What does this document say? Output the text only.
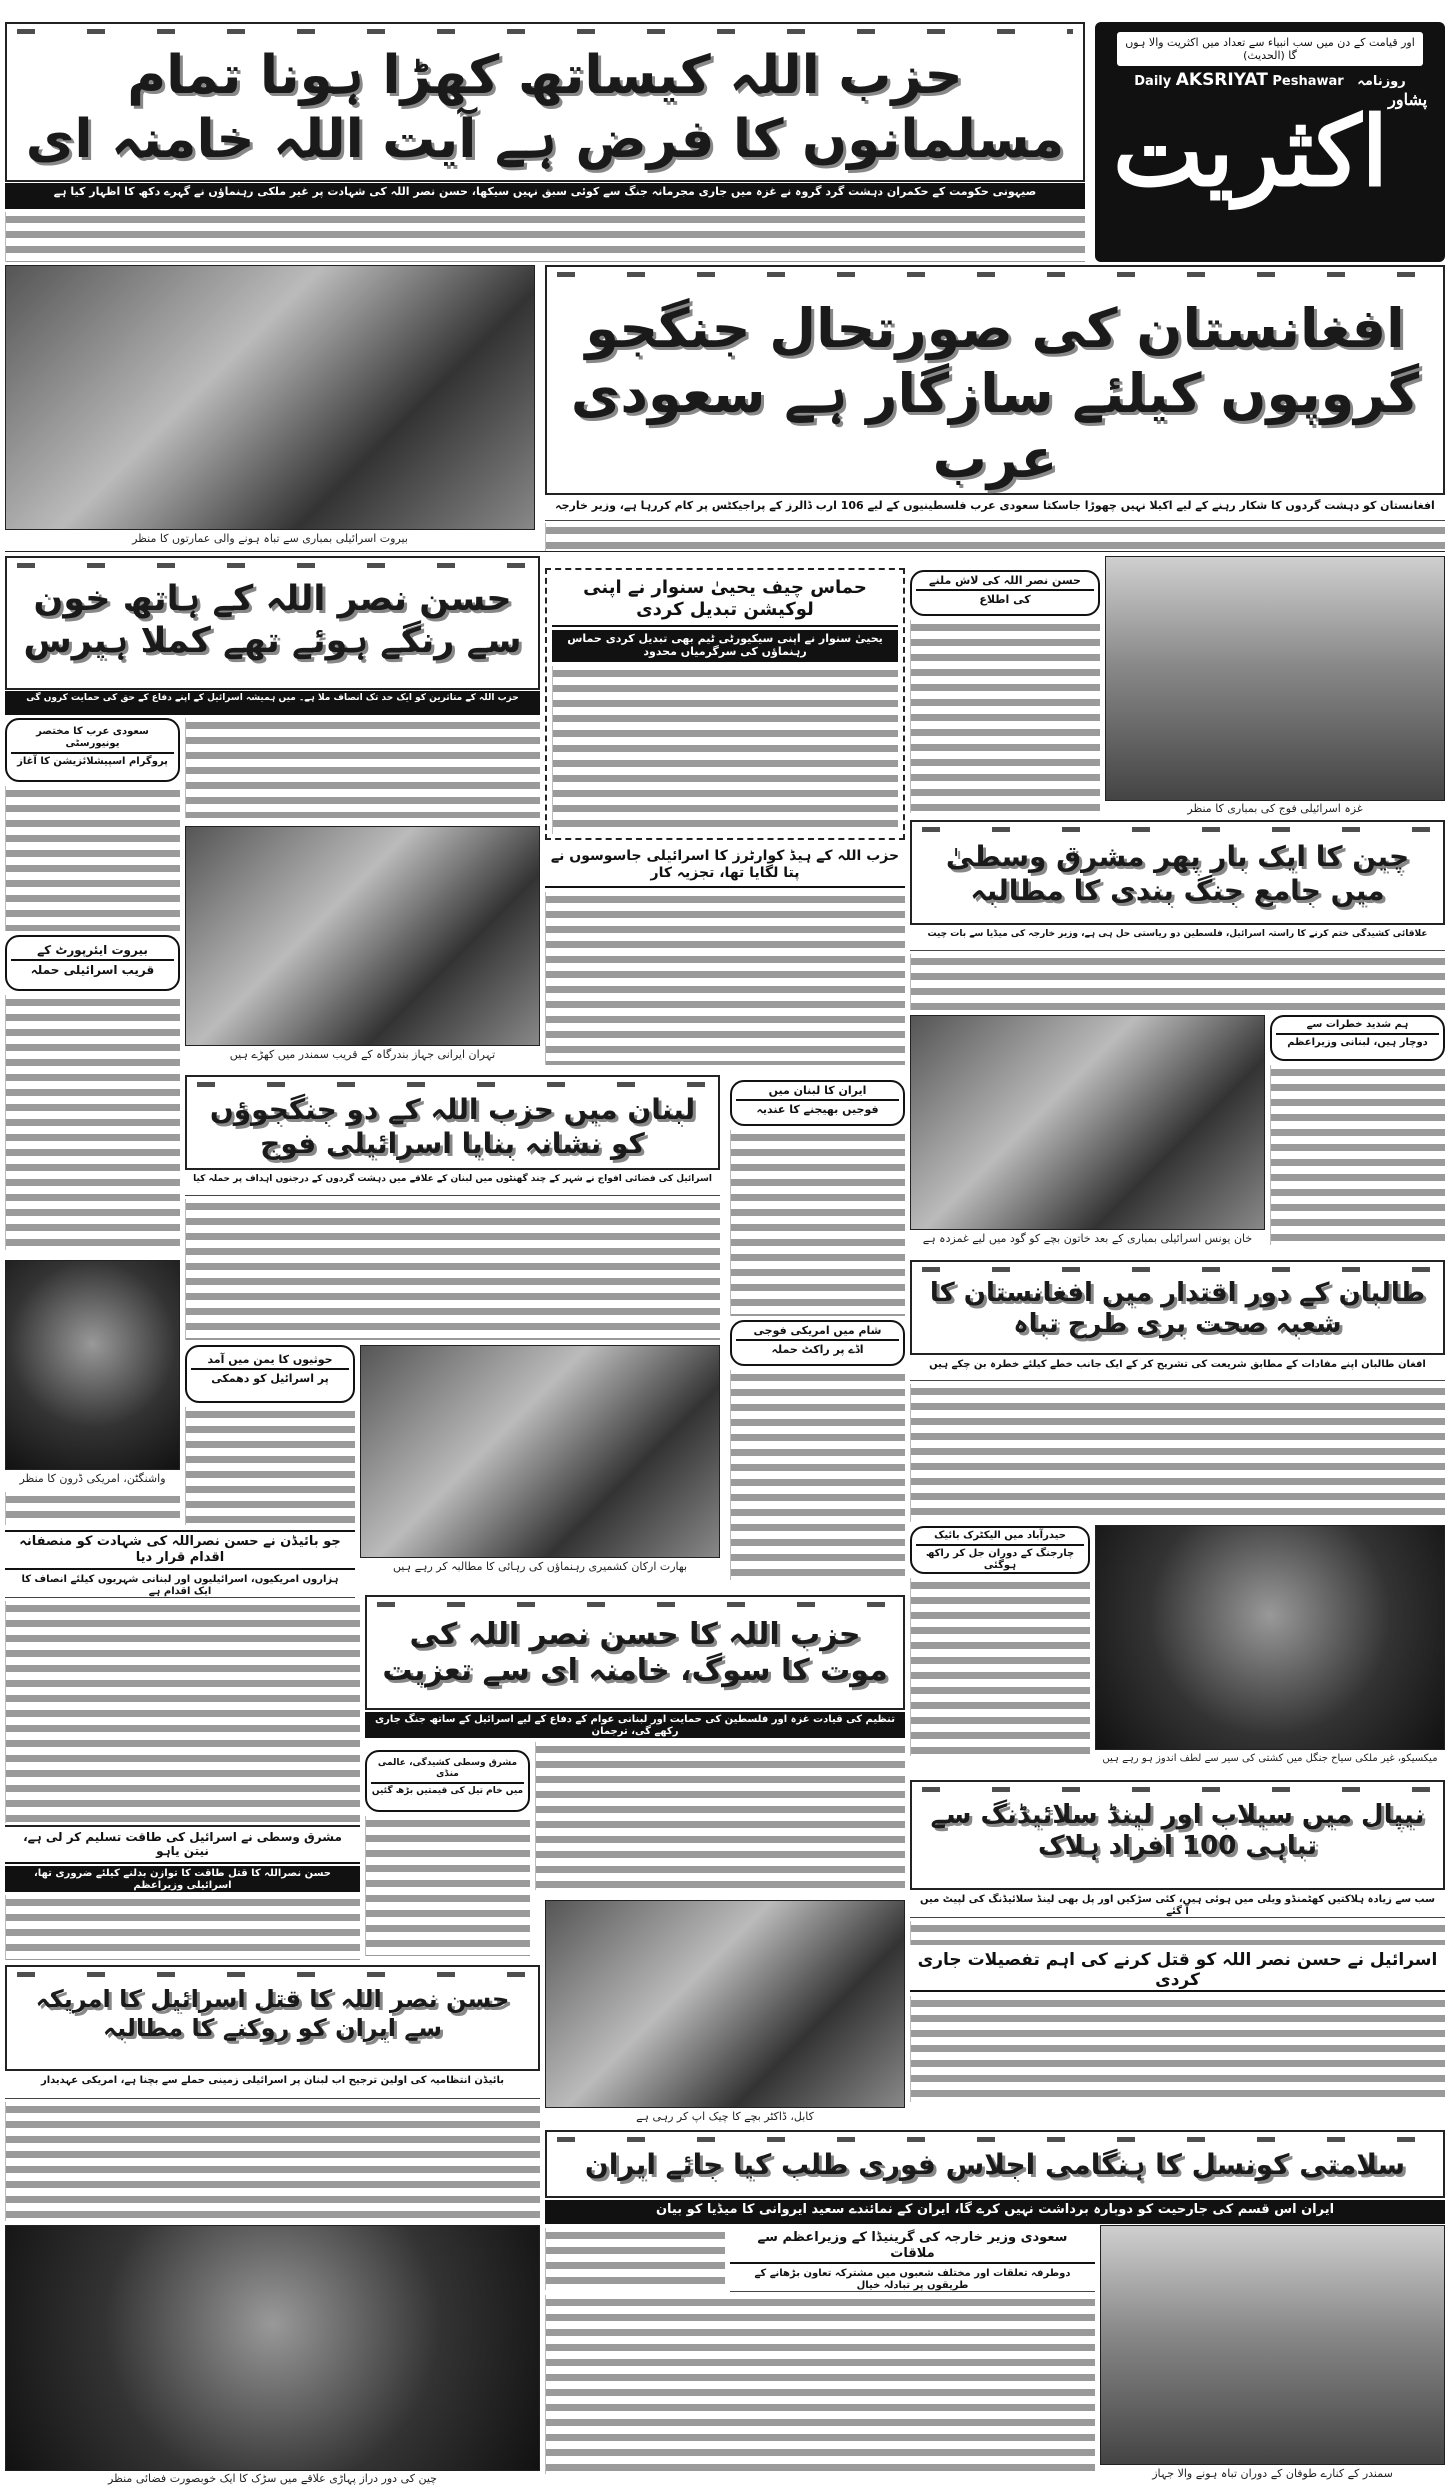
اور قیامت کے دن میں سب انبیاء سے تعداد میں اکثریت والا ہوں گا (الحدیث)
Daily AKSRIYAT Peshawar روزنامہ
$^{پشاور}$اکثریت
حزب اللہ کیساتھ کھڑا ہونا تمام مسلمانوں کا فرض ہے آیت اللہ خامنہ ای
صیہونی حکومت کے حکمران دہشت گرد گروہ نے غزہ میں جاری مجرمانہ جنگ سے کوئی سبق نہیں سیکھا، حسن نصر اللہ کی شہادت پر غیر ملکی رہنماؤں نے گہرے دکھ کا اظہار کیا ہے
بیروت اسرائیلی بمباری سے تباہ ہونے والی عمارتوں کا منظر
افغانستان کی صورتحال جنگجو گروپوں کیلئے سازگار ہے سعودی عرب
افغانستان کو دہشت گردوں کا شکار رہنے کے لیے اکیلا نہیں چھوڑا جاسکتا سعودی عرب فلسطینیوں کے لیے 106 ارب ڈالرز کے پراجیکٹس پر کام کررہا ہے، وزیر خارجہ
حسن نصر اللہ کے ہاتھ خون سے رنگے ہوئے تھے کملا ہیرس
حزب اللہ کے متاثرین کو ایک حد تک انصاف ملا ہے۔ میں ہمیشہ اسرائیل کے اپنے دفاع کے حق کی حمایت کروں گی
سعودی عرب کا مختصر یونیورسٹی
پروگرام اسپیشلائزیشن کا آغاز
بیروت ایئرپورٹ کے
قریب اسرائیلی حملہ
حماس چیف یحییٰ سنوار نے اپنی لوکیشن تبدیل کردی
یحییٰ سنوار نے اپنی سیکیورٹی ٹیم بھی تبدیل کردی حماس رہنماؤں کی سرگرمیاں محدود
حسن نصر اللہ کی لاش ملنے
کی اطلاع
غزہ اسرائیلی فوج کی بمباری کا منظر
چین کا ایک بار پھر مشرق وسطیٰ میں جامع جنگ بندی کا مطالبہ
علاقائی کشیدگی ختم کرنے کا راستہ اسرائیل، فلسطین دو ریاستی حل ہی ہے، وزیر خارجہ کی میڈیا سے بات چیت
تہران ایرانی جہاز بندرگاہ کے قریب سمندر میں کھڑے ہیں
حزب اللہ کے ہیڈ کوارٹرز کا اسرائیلی جاسوسوں نے پتا لگایا تھا، تجزیہ کار
خان یونس اسرائیلی بمباری کے بعد خاتون بچے کو گود میں لیے غمزدہ ہے
ہم شدید خطرات سے
دوچار ہیں، لبنانی وزیراعظم
لبنان میں حزب اللہ کے دو جنگجوؤں کو نشانہ بنایا اسرائیلی فوج
اسرائیل کی فضائی افواج نے شہر کے چند گھنٹوں میں لبنان کے علاقے میں دہشت گردوں کے درجنوں اہداف پر حملہ کیا
ایران کا لبنان میں
فوجیں بھیجنے کا عندیہ
واشنگٹن، امریکی ڈرون کا منظر
طالبان کے دور اقتدار میں افغانستان کا شعبہ صحت بری طرح تباہ
افغان طالبان اپنے مفادات کے مطابق شریعت کی تشریح کر کے ایک جانب خطے کیلئے خطرہ بن چکے ہیں
حوثیوں کا یمن میں آمد
پر اسرائیل کو دھمکی
بھارت ارکان کشمیری رہنماؤں کی رہائی کا مطالبہ کر رہے ہیں
شام میں امریکی فوجی
اڈے پر راکٹ حملہ
جو بائیڈن نے حسن نصراللہ کی شہادت کو منصفانہ اقدام قرار دیا
ہزاروں امریکیوں، اسرائیلیوں اور لبنانی شہریوں کیلئے انصاف کا ایک اقدام ہے
حیدرآباد میں الیکٹرک بائیک
چارجنگ کے دوران جل کر راکھ ہوگئی
میکسیکو، غیر ملکی سیاح جنگل میں کشتی کی سیر سے لطف اندوز ہو رہے ہیں
حزب اللہ کا حسن نصر اللہ کی موت کا سوگ، خامنہ ای سے تعزیت
تنظیم کی قیادت غزہ اور فلسطین کی حمایت اور لبنانی عوام کے دفاع کے لیے اسرائیل کے ساتھ جنگ جاری رکھے گی، ترجمان
مشرق وسطی کشیدگی، عالمی منڈی
میں خام تیل کی قیمتیں بڑھ گئیں
مشرق وسطی نے اسرائیل کی طاقت تسلیم کر لی ہے، نیتن یاہو
حسن نصراللہ کا قتل طاقت کا توازن بدلنے کیلئے ضروری تھا، اسرائیلی وزیراعظم
نیپال میں سیلاب اور لینڈ سلائیڈنگ سے تباہی 100 افراد ہلاک
سب سے زیادہ ہلاکتیں کھٹمنڈو ویلی میں ہوئی ہیں، کئی سڑکیں اور پل بھی لینڈ سلائیڈنگ کی لپیٹ میں آ گئے
اسرائیل نے حسن نصر اللہ کو قتل کرنے کی اہم تفصیلات جاری کردی
کابل، ڈاکٹر بچے کا چیک اپ کر رہی ہے
حسن نصر اللہ کا قتل اسرائیل کا امریکہ سے ایران کو روکنے کا مطالبہ
بائیڈن انتظامیہ کی اولین ترجیح اب لبنان پر اسرائیلی زمینی حملے سے بچنا ہے، امریکی عہدیدار
سلامتی کونسل کا ہنگامی اجلاس فوری طلب کیا جائے ایران
ایران اس قسم کی جارحیت کو دوبارہ برداشت نہیں کرے گا، ایران کے نمائندے سعید ایروانی کا میڈیا کو بیان
سعودی وزیر خارجہ کی گرینیڈا کے وزیراعظم سے ملاقات
دوطرفہ تعلقات اور مختلف شعبوں میں مشترکہ تعاون بڑھانے کے طریقوں پر تبادلہ خیال
چین کی دور دراز پہاڑی علاقے میں سڑک کا ایک خوبصورت فضائی منظر	سمندر کے کنارے طوفان کے دوران تباہ ہونے والا جہاز
